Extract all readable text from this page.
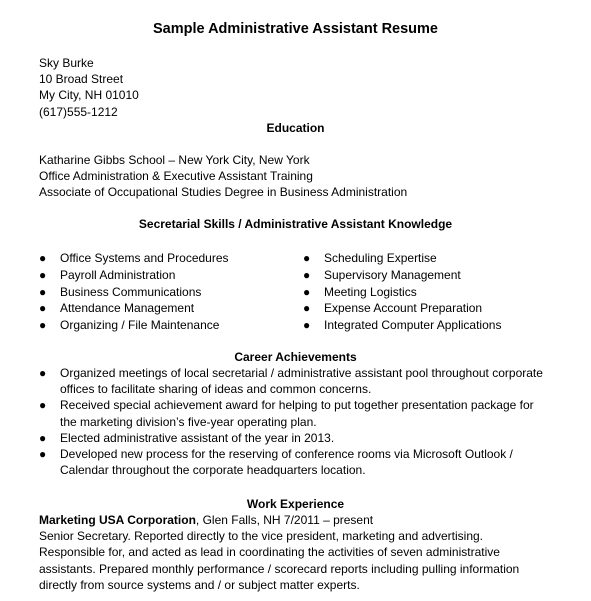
Sample Administrative Assistant Resume
Sky Burke
10 Broad Street
My City, NH 01010
(617)555-1212
Education
Katharine Gibbs School – New York City, New York
Office Administration & Executive Assistant Training
Associate of Occupational Studies Degree in Business Administration
Secretarial Skills / Administrative Assistant Knowledge
● Office Systems and Procedures
● Payroll Administration
● Business Communications
● Attendance Management
● Organizing / File Maintenance
● Scheduling Expertise
● Supervisory Management
● Meeting Logistics
● Expense Account Preparation
● Integrated Computer Applications
Career Achievements
● Organized meetings of local secretarial / administrative assistant pool throughout corporate
offices to facilitate sharing of ideas and common concerns.
● Received special achievement award for helping to put together presentation package for
the marketing division’s five-year operating plan.
● Elected administrative assistant of the year in 2013.
● Developed new process for the reserving of conference rooms via Microsoft Outlook /
Calendar throughout the corporate headquarters location.
Work Experience
Marketing USA Corporation, Glen Falls, NH 7/2011 – present
Senior Secretary. Reported directly to the vice president, marketing and advertising.
Responsible for, and acted as lead in coordinating the activities of seven administrative
assistants. Prepared monthly performance / scorecard reports including pulling information
directly from source systems and / or subject matter experts.
